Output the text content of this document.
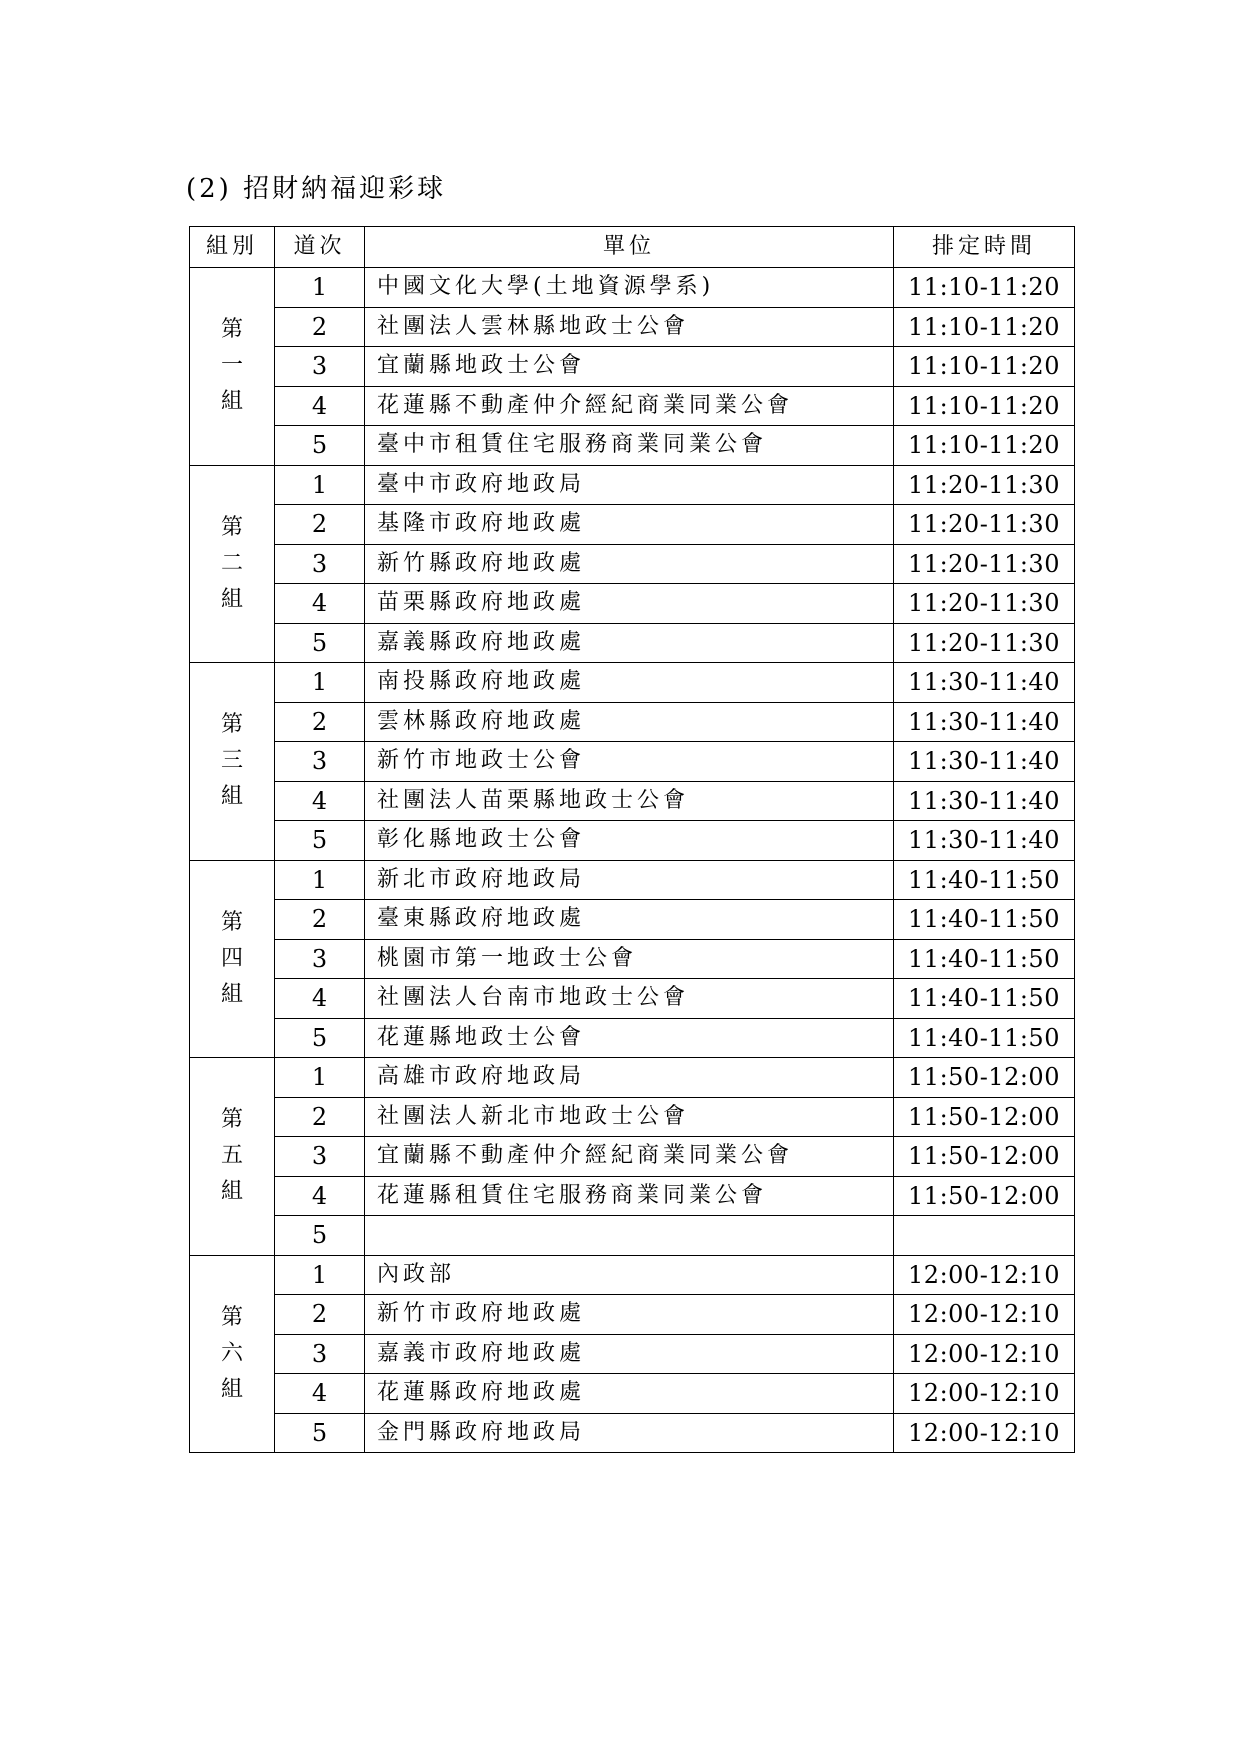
(2) 招財納福迎彩球
組別	道次	單位	排定時間

第
一
組	1	中國文化大學(土地資源學系)	11:10-11:20
	2	社團法人雲林縣地政士公會	11:10-11:20
	3	宜蘭縣地政士公會	11:10-11:20
	4	花蓮縣不動產仲介經紀商業同業公會	11:10-11:20
	5	臺中市租賃住宅服務商業同業公會	11:10-11:20

第
二
組	1	臺中市政府地政局	11:20-11:30
	2	基隆市政府地政處	11:20-11:30
	3	新竹縣政府地政處	11:20-11:30
	4	苗栗縣政府地政處	11:20-11:30
	5	嘉義縣政府地政處	11:20-11:30

第
三
組	1	南投縣政府地政處	11:30-11:40
	2	雲林縣政府地政處	11:30-11:40
	3	新竹市地政士公會	11:30-11:40
	4	社團法人苗栗縣地政士公會	11:30-11:40
	5	彰化縣地政士公會	11:30-11:40

第
四
組	1	新北市政府地政局	11:40-11:50
	2	臺東縣政府地政處	11:40-11:50
	3	桃園市第一地政士公會	11:40-11:50
	4	社團法人台南市地政士公會	11:40-11:50
	5	花蓮縣地政士公會	11:40-11:50

第
五
組	1	高雄市政府地政局	11:50-12:00
	2	社團法人新北市地政士公會	11:50-12:00
	3	宜蘭縣不動產仲介經紀商業同業公會	11:50-12:00
	4	花蓮縣租賃住宅服務商業同業公會	11:50-12:00
	5		

第
六
組	1	內政部	12:00-12:10
	2	新竹市政府地政處	12:00-12:10
	3	嘉義市政府地政處	12:00-12:10
	4	花蓮縣政府地政處	12:00-12:10
	5	金門縣政府地政局	12:00-12:10
